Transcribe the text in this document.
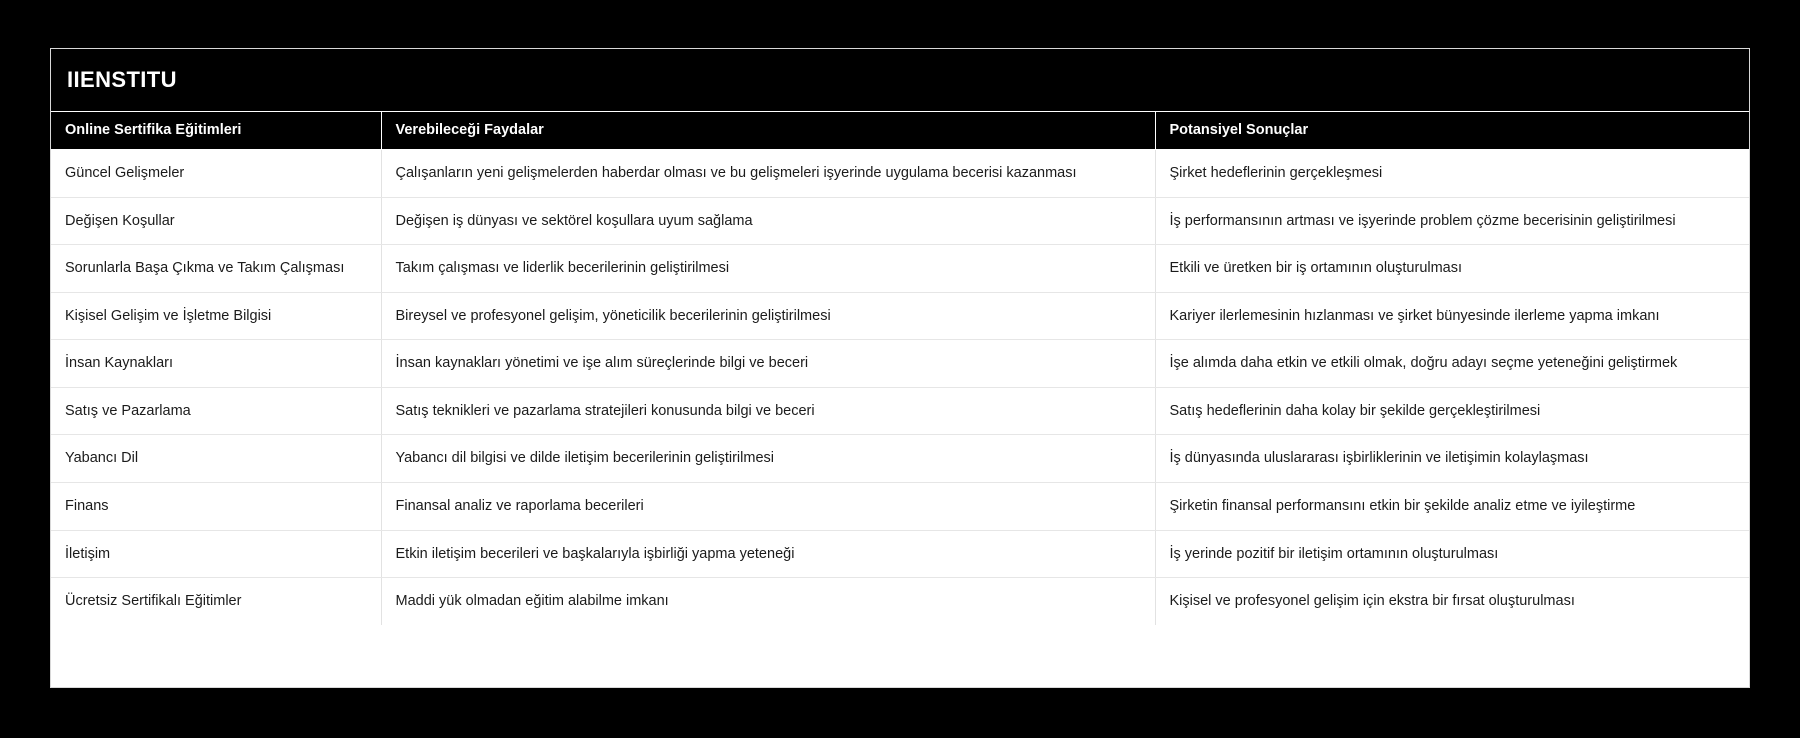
IIENSTITU
Online Sertifika Eğitimleri	Verebileceği Faydalar	Potansiyel Sonuçlar
Güncel Gelişmeler	Çalışanların yeni gelişmelerden haberdar olması ve bu gelişmeleri işyerinde uygulama becerisi kazanması	Şirket hedeflerinin gerçekleşmesi
Değişen Koşullar	Değişen iş dünyası ve sektörel koşullara uyum sağlama	İş performansının artması ve işyerinde problem çözme becerisinin geliştirilmesi
Sorunlarla Başa Çıkma ve Takım Çalışması	Takım çalışması ve liderlik becerilerinin geliştirilmesi	Etkili ve üretken bir iş ortamının oluşturulması
Kişisel Gelişim ve İşletme Bilgisi	Bireysel ve profesyonel gelişim, yöneticilik becerilerinin geliştirilmesi	Kariyer ilerlemesinin hızlanması ve şirket bünyesinde ilerleme yapma imkanı
İnsan Kaynakları	İnsan kaynakları yönetimi ve işe alım süreçlerinde bilgi ve beceri	İşe alımda daha etkin ve etkili olmak, doğru adayı seçme yeteneğini geliştirmek
Satış ve Pazarlama	Satış teknikleri ve pazarlama stratejileri konusunda bilgi ve beceri	Satış hedeflerinin daha kolay bir şekilde gerçekleştirilmesi
Yabancı Dil	Yabancı dil bilgisi ve dilde iletişim becerilerinin geliştirilmesi	İş dünyasında uluslararası işbirliklerinin ve iletişimin kolaylaşması
Finans	Finansal analiz ve raporlama becerileri	Şirketin finansal performansını etkin bir şekilde analiz etme ve iyileştirme
İletişim	Etkin iletişim becerileri ve başkalarıyla işbirliği yapma yeteneği	İş yerinde pozitif bir iletişim ortamının oluşturulması
Ücretsiz Sertifikalı Eğitimler	Maddi yük olmadan eğitim alabilme imkanı	Kişisel ve profesyonel gelişim için ekstra bir fırsat oluşturulması
